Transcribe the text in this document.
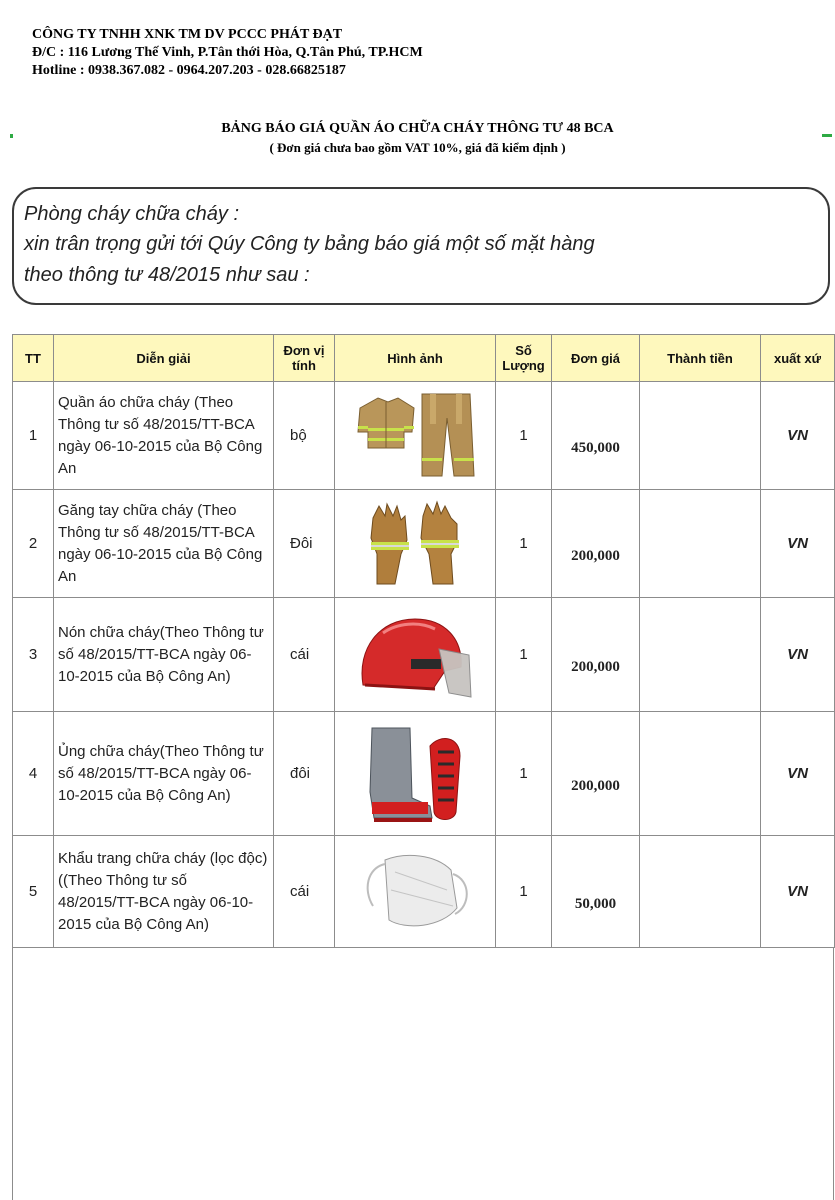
CÔNG TY TNHH XNK TM DV PCCC PHÁT ĐẠT
Đ/C : 116 Lương Thế Vinh, P.Tân thới Hòa, Q.Tân Phú, TP.HCM
Hotline : 0938.367.082 - 0964.207.203 - 028.66825187
BẢNG BÁO GIÁ QUẦN ÁO CHỮA CHÁY THÔNG TƯ 48 BCA
( Đơn giá chưa bao gồm VAT 10%, giá đã kiểm định )
Phòng cháy chữa cháy :
xin trân trọng gửi tới Qúy Công ty bảng báo giá một số mặt hàng
theo thông tư 48/2015 như sau :
TT	Diễn giải	Đơn vị tính	Hình ảnh	Số Lượng	Đơn giá	Thành tiền	xuất xứ
1	Quần áo chữa cháy (Theo Thông tư số 48/2015/TT-BCA ngày 06-10-2015 của Bộ Công An	bộ		1	450,000		VN
2	Găng tay chữa cháy (Theo Thông tư số 48/2015/TT-BCA ngày 06-10-2015 của Bộ Công An	Đôi		1	200,000		VN
3	Nón chữa cháy(Theo Thông tư số 48/2015/TT-BCA ngày 06-10-2015 của Bộ Công An)	cái		1	200,000		VN
4	Ủng chữa cháy(Theo Thông tư số 48/2015/TT-BCA ngày 06-10-2015 của Bộ Công An)	đôi		1	200,000		VN
5	Khẩu trang chữa cháy (lọc độc) ((Theo Thông tư số 48/2015/TT-BCA ngày 06-10-2015 của Bộ Công An)	cái		1	50,000		VN
